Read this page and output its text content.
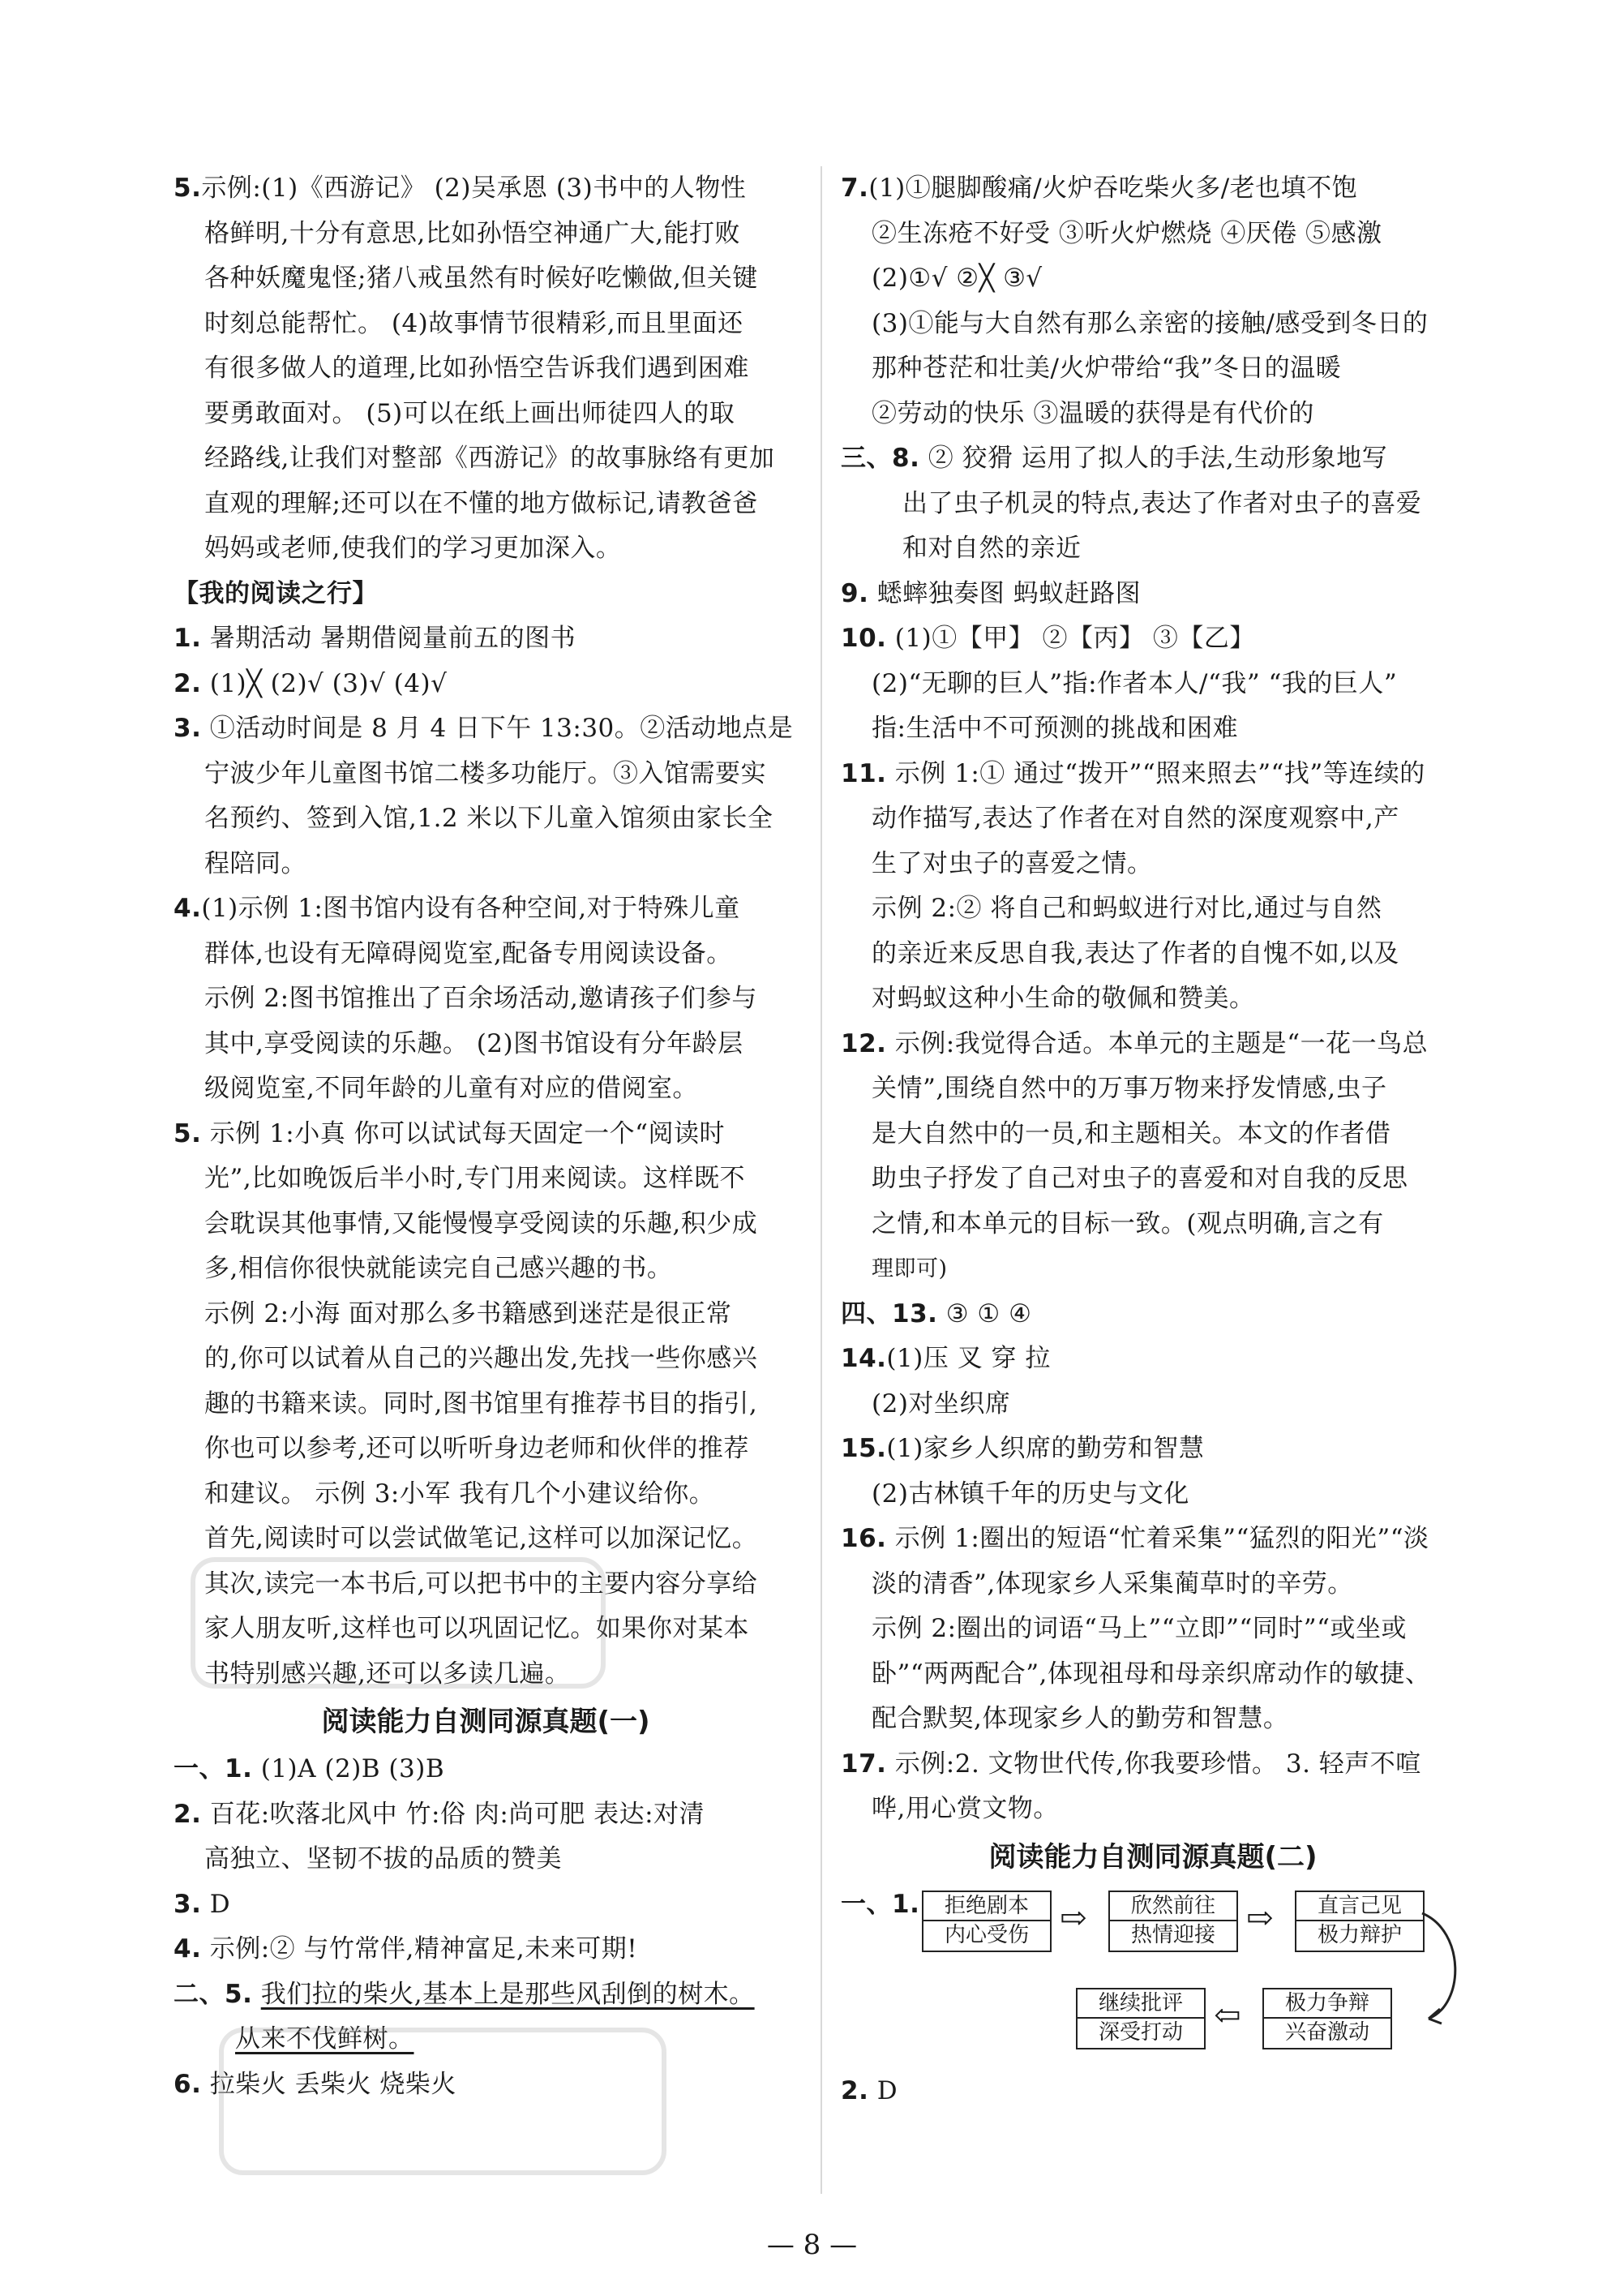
5.示例:(1)《西游记》 (2)吴承恩 (3)书中的人物性
格鲜明,十分有意思,比如孙悟空神通广大,能打败
各种妖魔鬼怪;猪八戒虽然有时候好吃懒做,但关键
时刻总能帮忙。 (4)故事情节很精彩,而且里面还
有很多做人的道理,比如孙悟空告诉我们遇到困难
要勇敢面对。 (5)可以在纸上画出师徒四人的取
经路线,让我们对整部《西游记》的故事脉络有更加
直观的理解;还可以在不懂的地方做标记,请教爸爸
妈妈或老师,使我们的学习更加深入。
【我的阅读之行】
1. 暑期活动 暑期借阅量前五的图书
2. (1)╳ (2)√ (3)√ (4)√
3. ①活动时间是 8 月 4 日下午 13:30。②活动地点是
宁波少年儿童图书馆二楼多功能厅。③入馆需要实
名预约、签到入馆,1.2 米以下儿童入馆须由家长全
程陪同。
4.(1)示例 1:图书馆内设有各种空间,对于特殊儿童
群体,也设有无障碍阅览室,配备专用阅读设备。
示例 2:图书馆推出了百余场活动,邀请孩子们参与
其中,享受阅读的乐趣。 (2)图书馆设有分年龄层
级阅览室,不同年龄的儿童有对应的借阅室。
5. 示例 1:小真 你可以试试每天固定一个“阅读时
光”,比如晚饭后半小时,专门用来阅读。这样既不
会耽误其他事情,又能慢慢享受阅读的乐趣,积少成
多,相信你很快就能读完自己感兴趣的书。
示例 2:小海 面对那么多书籍感到迷茫是很正常
的,你可以试着从自己的兴趣出发,先找一些你感兴
趣的书籍来读。同时,图书馆里有推荐书目的指引,
你也可以参考,还可以听听身边老师和伙伴的推荐
和建议。 示例 3:小军 我有几个小建议给你。
首先,阅读时可以尝试做笔记,这样可以加深记忆。
其次,读完一本书后,可以把书中的主要内容分享给
家人朋友听,这样也可以巩固记忆。如果你对某本
书特别感兴趣,还可以多读几遍。
阅读能力自测同源真题(一)
一、1. (1)A (2)B (3)B
2. 百花:吹落北风中 竹:俗 肉:尚可肥 表达:对清
高独立、坚韧不拔的品质的赞美
3. D
4. 示例:② 与竹常伴,精神富足,未来可期!
二、5. 我们拉的柴火,基本上是那些风刮倒的树木。
从来不伐鲜树。
6. 拉柴火 丢柴火 烧柴火
7.(1)①腿脚酸痛/火炉吞吃柴火多/老也填不饱
②生冻疮不好受 ③听火炉燃烧 ④厌倦 ⑤感激
(2)①√ ②╳ ③√
(3)①能与大自然有那么亲密的接触/感受到冬日的
那种苍茫和壮美/火炉带给“我”冬日的温暖
②劳动的快乐 ③温暖的获得是有代价的
三、8. ② 狡猾 运用了拟人的手法,生动形象地写
出了虫子机灵的特点,表达了作者对虫子的喜爱
和对自然的亲近
9. 蟋蟀独奏图 蚂蚁赶路图
10. (1)①【甲】 ②【丙】 ③【乙】
(2)“无聊的巨人”指:作者本人/“我” “我的巨人”
指:生活中不可预测的挑战和困难
11. 示例 1:① 通过“拨开”“照来照去”“找”等连续的
动作描写,表达了作者在对自然的深度观察中,产
生了对虫子的喜爱之情。
示例 2:② 将自己和蚂蚁进行对比,通过与自然
的亲近来反思自我,表达了作者的自愧不如,以及
对蚂蚁这种小生命的敬佩和赞美。
12. 示例:我觉得合适。本单元的主题是“一花一鸟总
关情”,围绕自然中的万事万物来抒发情感,虫子
是大自然中的一员,和主题相关。本文的作者借
助虫子抒发了自己对虫子的喜爱和对自我的反思
之情,和本单元的目标一致。(观点明确,言之有
理即可)
四、13. ③ ① ④
14.(1)压 叉 穿 拉
(2)对坐织席
15.(1)家乡人织席的勤劳和智慧
(2)古林镇千年的历史与文化
16. 示例 1:圈出的短语“忙着采集”“猛烈的阳光”“淡
淡的清香”,体现家乡人采集蔺草时的辛劳。
示例 2:圈出的词语“马上”“立即”“同时”“或坐或
卧”“两两配合”,体现祖母和母亲织席动作的敏捷、
配合默契,体现家乡人的勤劳和智慧。
17. 示例:2. 文物世代传,你我要珍惜。 3. 轻声不喧
哗,用心赏文物。
阅读能力自测同源真题(二)
一、1.	拒绝剧本
内心受伤 ⇨	欣然前往
热情迎接 ⇨	直言己见
极力辩护
极力争辩
兴奋激动
⇦
继续批评
深受打动
2. D
— 8 —
